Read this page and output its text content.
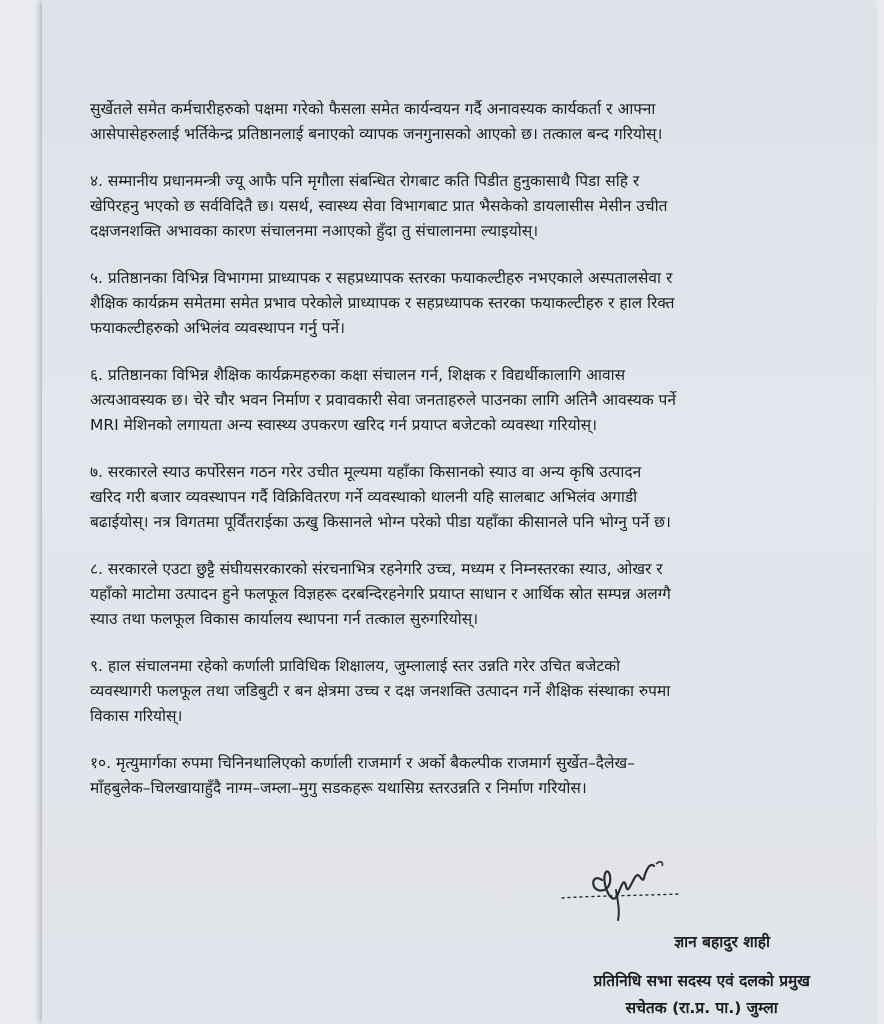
सुर्खेतले समेत कर्मचारीहरुको पक्षमा गरेको फैसला समेत कार्यन्वयन गर्दै अनावस्यक कार्यकर्ता र आफ्ना
आसेपासेहरुलाई भर्तिकेन्द्र प्रतिष्ठानलाई बनाएको व्यापक जनगुनासको आएको छ। तत्काल बन्द गरियोस्।
४. सम्मानीय प्रधानमन्त्री ज्यू आफै पनि मृगौला संबन्धित रोगबाट कति पिडीत हुनुकासाथै पिडा सहि र
खेपिरहनु भएको छ सर्वविदितै छ। यसर्थ, स्वास्थ्य सेवा विभागबाट प्रात भैसकेको डायलासीस मेसीन उचीत
दक्षजनशक्ति अभावका कारण संचालनमा नआएको हुँदा तु संचालानमा ल्याइयोस्।
५. प्रतिष्ठानका विभिन्न विभागमा प्राध्यापक र सहप्रध्यापक स्तरका फयाकल्टीहरु नभएकाले अस्पतालसेवा र
शैक्षिक कार्यक्रम समेतमा समेत प्रभाव परेकोले प्राध्यापक र सहप्रध्यापक स्तरका फयाकल्टीहरु र हाल रिक्त
फयाकल्टीहरुको अभिलंव व्यवस्थापन गर्नु पर्ने।
६. प्रतिष्ठानका विभिन्न शैक्षिक कार्यक्रमहरुका कक्षा संचालन गर्न, शिक्षक र विद्यर्थीकालागि आवास
अत्यआवस्यक छ। चेरे चौर भवन निर्माण र प्रवावकारी सेवा जनताहरुले पाउनका लागि अतिनै आवस्यक पर्ने
MRI मेशिनको लगायता अन्य स्वास्थ्य उपकरण खरिद गर्न प्रयाप्त बजेटको व्यवस्था गरियोस्।
७. सरकारले स्याउ कर्पोरेसन गठन गरेर उचीत मूल्यमा यहाँका किसानको स्याउ वा अन्य कृषि उत्पादन
खरिद गरी बजार व्यवस्थापन गर्दै विक्रिवितरण गर्ने व्यवस्थाको थालनी यहि सालबाट अभिलंव अगाडी
बढाईयोस्। नत्र विगतमा पूर्विंतराईका ऊखु किसानले भोग्न परेको पीडा यहाँका कीसानले पनि भोग्नु पर्ने छ।
८. सरकारले एउटा छुट्टै संघीयसरकारको संरचनाभित्र रहनेगरि उच्च, मध्यम र निम्नस्तरका स्याउ, ओखर र
यहाँको माटोमा उत्पादन हुने फलफूल विज्ञहरू दरबन्दिरहनेगरि प्रयाप्त साधान र आर्थिक स्रोत सम्पन्न अलग्गै
स्याउ तथा फलफूल विकास कार्यालय स्थापना गर्न तत्काल सुरुगरियोस्।
९. हाल संचालनमा रहेको कर्णाली प्राविधिक शिक्षालय, जुम्लालाई स्तर उन्नति गरेर उचित बजेटको
व्यवस्थागरी फलफूल तथा जडिबुटी र बन क्षेत्रमा उच्च र दक्ष जनशक्ति उत्पादन गर्ने शैक्षिक संस्थाका रुपमा
विकास गरियोस्।
१०. मृत्युमार्गका रुपमा चिनिनथालिएको कर्णाली राजमार्ग र अर्को बैकल्पीक राजमार्ग सुर्खेत–दैलेख–
माँहबुलेक–चिलखायाहुँदै नाग्म–जम्ला–मुगु सडकहरू यथासिग्र स्तरउन्नति र निर्माण गरियोस।
ज्ञान बहादुर शाही
प्रतिनिधि सभा सदस्य एवं दलको प्रमुख
सचेतक (रा.प्र. पा.) जुम्ला
